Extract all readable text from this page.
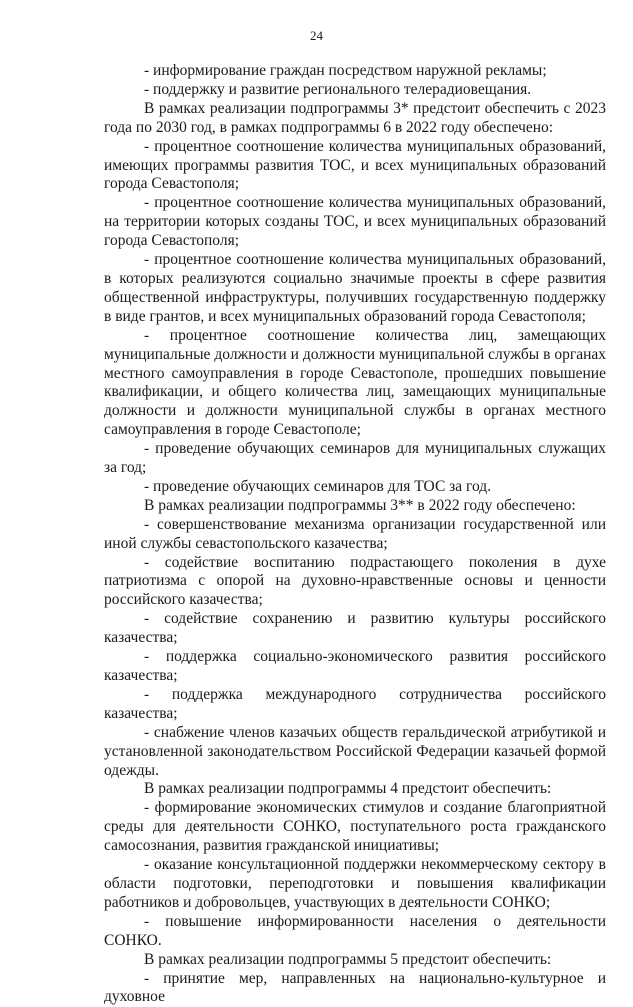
24

- информирование граждан посредством наружной рекламы;

- поддержку и развитие регионального телерадиовещания.

В рамках реализации подпрограммы 3* предстоит обеспечить с 2023 года по 2030 год, в рамках подпрограммы 6 в 2022 году обеспечено:

- процентное соотношение количества муниципальных образований, имеющих программы развития ТОС, и всех муниципальных образований города Севастополя;

- процентное соотношение количества муниципальных образований, на территории которых созданы ТОС, и всех муниципальных образований города Севастополя;

- процентное соотношение количества муниципальных образований, в которых реализуются социально значимые проекты в сфере развития общественной инфраструктуры, получивших государственную поддержку в виде грантов, и всех муниципальных образований города Севастополя;

- процентное соотношение количества лиц, замещающих муниципальные должности и должности муниципальной службы в органах местного самоуправления в городе Севастополе, прошедших повышение квалификации, и общего количества лиц, замещающих муниципальные должности и должности муниципальной службы в органах местного самоуправления в городе Севастополе;

- проведение обучающих семинаров для муниципальных служащих за год;

- проведение обучающих семинаров для ТОС за год.

В рамках реализации подпрограммы 3** в 2022 году обеспечено:

- совершенствование механизма организации государственной или иной службы севастопольского казачества;

- содействие воспитанию подрастающего поколения в духе патриотизма с опорой на духовно-нравственные основы и ценности российского казачества;

- содействие сохранению и развитию культуры российского казачества;

- поддержка социально-экономического развития российского казачества;

- поддержка международного сотрудничества российского казачества;

- снабжение членов казачьих обществ геральдической атрибутикой и установленной законодательством Российской Федерации казачьей формой одежды.

В рамках реализации подпрограммы 4 предстоит обеспечить:

- формирование экономических стимулов и создание благоприятной среды для деятельности СОНКО, поступательного роста гражданского самосознания, развития гражданской инициативы;

- оказание консультационной поддержки некоммерческому сектору в области подготовки, переподготовки и повышения квалификации работников и добровольцев, участвующих в деятельности СОНКО;

- повышение информированности населения о деятельности СОНКО.

В рамках реализации подпрограммы 5 предстоит обеспечить:

- принятие мер, направленных на национально-культурное и духовное
